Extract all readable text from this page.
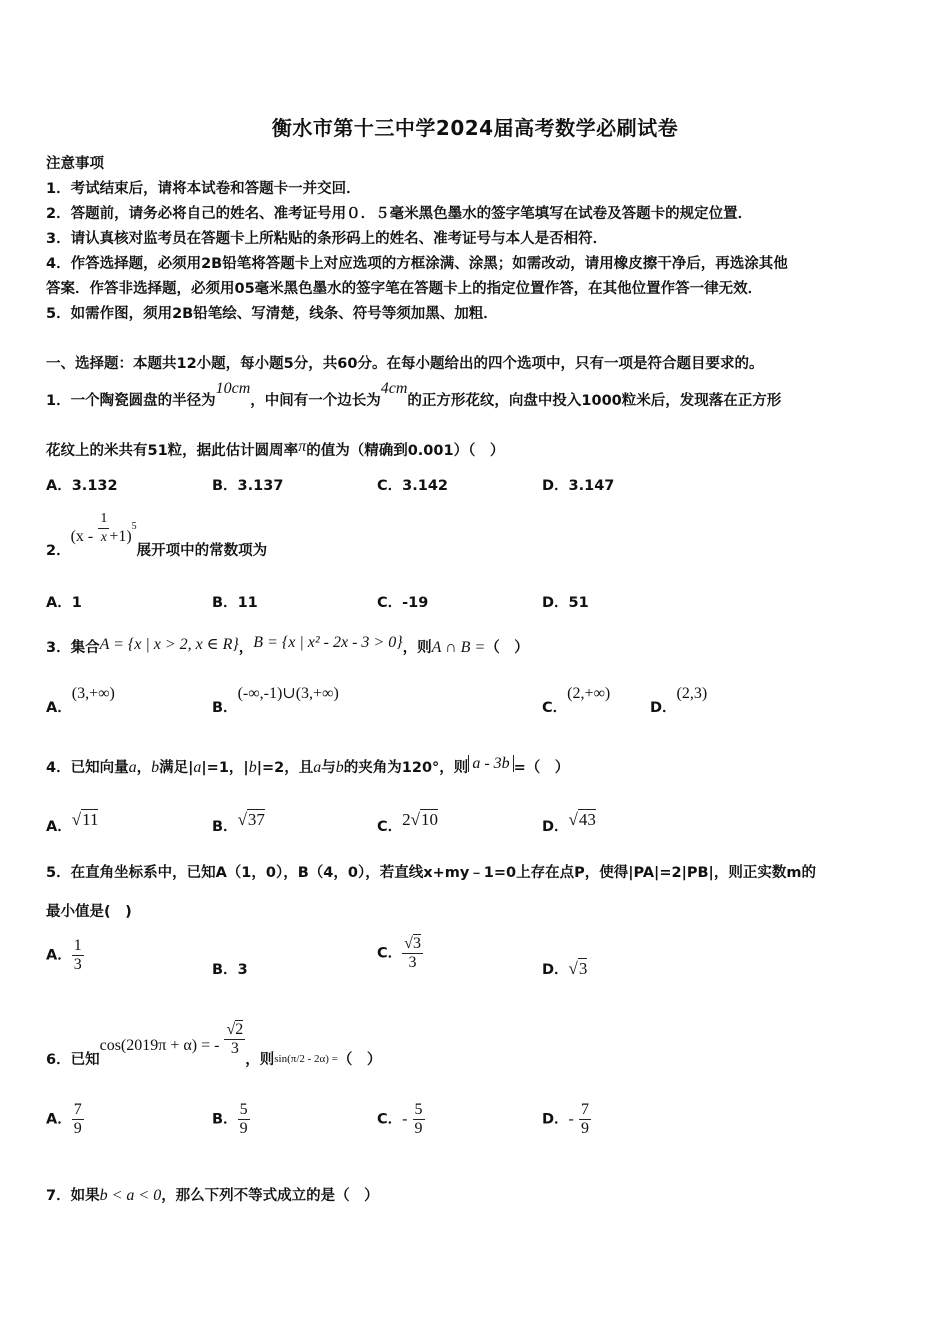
衡水市第十三中学2024届高考数学必刷试卷
注意事项
1．考试结束后，请将本试卷和答题卡一并交回．
2．答题前，请务必将自己的姓名、准考证号用０．５毫米黑色墨水的签字笔填写在试卷及答题卡的规定位置．
3．请认真核对监考员在答题卡上所粘贴的条形码上的姓名、准考证号与本人是否相符．
4．作答选择题，必须用2B铅笔将答题卡上对应选项的方框涂满、涂黑；如需改动，请用橡皮擦干净后，再选涂其他
答案．作答非选择题，必须用05毫米黑色墨水的签字笔在答题卡上的指定位置作答，在其他位置作答一律无效．
5．如需作图，须用2B铅笔绘、写清楚，线条、符号等须加黑、加粗．
一、选择题：本题共12小题，每小题5分，共60分。在每小题给出的四个选项中，只有一项是符合题目要求的。
1．一个陶瓷圆盘的半径为10cm，中间有一个边长为4cm的正方形花纹，向盘中投入1000粒米后，发现落在正方形
花纹上的米共有51粒，据此估计圆周率π的值为（精确到0.001）（　）
A．3.132	B．3.137	C．3.142	D．3.147
2．$(x - \frac{1}{x} +1)^5$展开项中的常数项为
A．1	B．11	C．-19	D．51
3．集合A = {x | x > 2, x ∈ R}，B = {x | x² - 2x - 3 > 0}，则A ∩ B =（　）
A．(3,+∞)
B．(-∞,-1)∪(3,+∞)
C．(2,+∞)
D．(2,3)
4．已知向量a，b满足|a|=1，|b|=2，且a与b的夹角为120°，则 a - 3b =（　）
A．√11	B．√37	C．2√10	D．√43
5．在直角坐标系中，已知A（1，0），B（4，0），若直线x+my﹣1=0上存在点P，使得|PA|=2|PB|，则正实数m的
最小值是(　)
A． $\frac{1}{3}$	B．3
C． $\frac{√3}{3}$	D．√3
6．已知cos(2019π + α) = - $\frac{√2}{3}$
，则$_{sin(\pi/2 - 2\alpha) =}$（　）
A． $\frac{7}{9}$	B． $\frac{5}{9}$	C．- $\frac{5}{9}$	D．- $\frac{7}{9}$
7．如果b < a < 0，那么下列不等式成立的是（　）
